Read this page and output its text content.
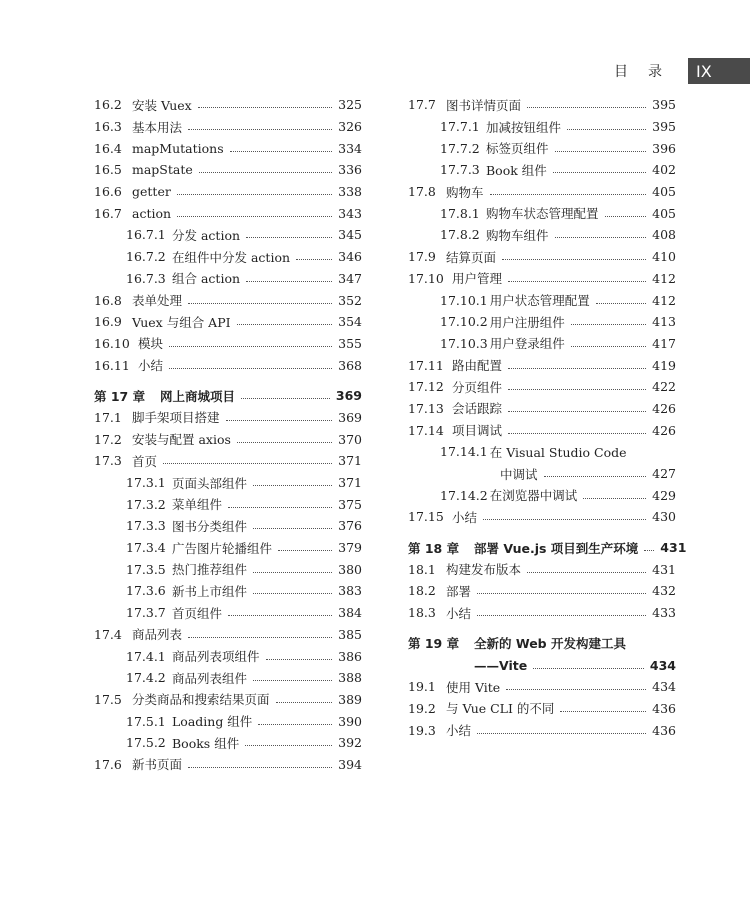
目录 IX
16.2 安装 Vuex	325
16.3 基本用法	326
16.4 mapMutations	334
16.5 mapState	336
16.6 getter	338
16.7 action	343
16.7.1 分发 action	345
16.7.2 在组件中分发 action	346
16.7.3 组合 action	347
16.8 表单处理	352
16.9 Vuex 与组合 API	354
16.10 模块	355
16.11 小结	368
第 17 章	网上商城项目	369
17.1 脚手架项目搭建	369
17.2 安装与配置 axios	370
17.3 首页	371
17.3.1 页面头部组件	371
17.3.2 菜单组件	375
17.3.3 图书分类组件	376
17.3.4 广告图片轮播组件	379
17.3.5 热门推荐组件	380
17.3.6 新书上市组件	383
17.3.7 首页组件	384
17.4 商品列表	385
17.4.1 商品列表项组件	386
17.4.2 商品列表组件	388
17.5 分类商品和搜索结果页面	389
17.5.1 Loading 组件	390
17.5.2 Books 组件	392
17.6 新书页面	394
17.7 图书详情页面	395
17.7.1 加减按钮组件	395
17.7.2 标签页组件	396
17.7.3 Book 组件	402
17.8 购物车	405
17.8.1 购物车状态管理配置	405
17.8.2 购物车组件	408
17.9 结算页面	410
17.10 用户管理	412
17.10.1 用户状态管理配置	412
17.10.2 用户注册组件	413
17.10.3 用户登录组件	417
17.11 路由配置	419
17.12 分页组件	422
17.13 会话跟踪	426
17.14 项目调试	426
17.14.1 在 Visual Studio Code
中调试	427
17.14.2 在浏览器中调试	429
17.15 小结	430
第 18 章	部署 Vue.js 项目到生产环境 431
18.1 构建发布版本	431
18.2 部署	432
18.3 小结	433
第 19 章	全新的 Web 开发构建工具
——Vite	434
19.1 使用 Vite	434
19.2 与 Vue CLI 的不同	436
19.3 小结	436
